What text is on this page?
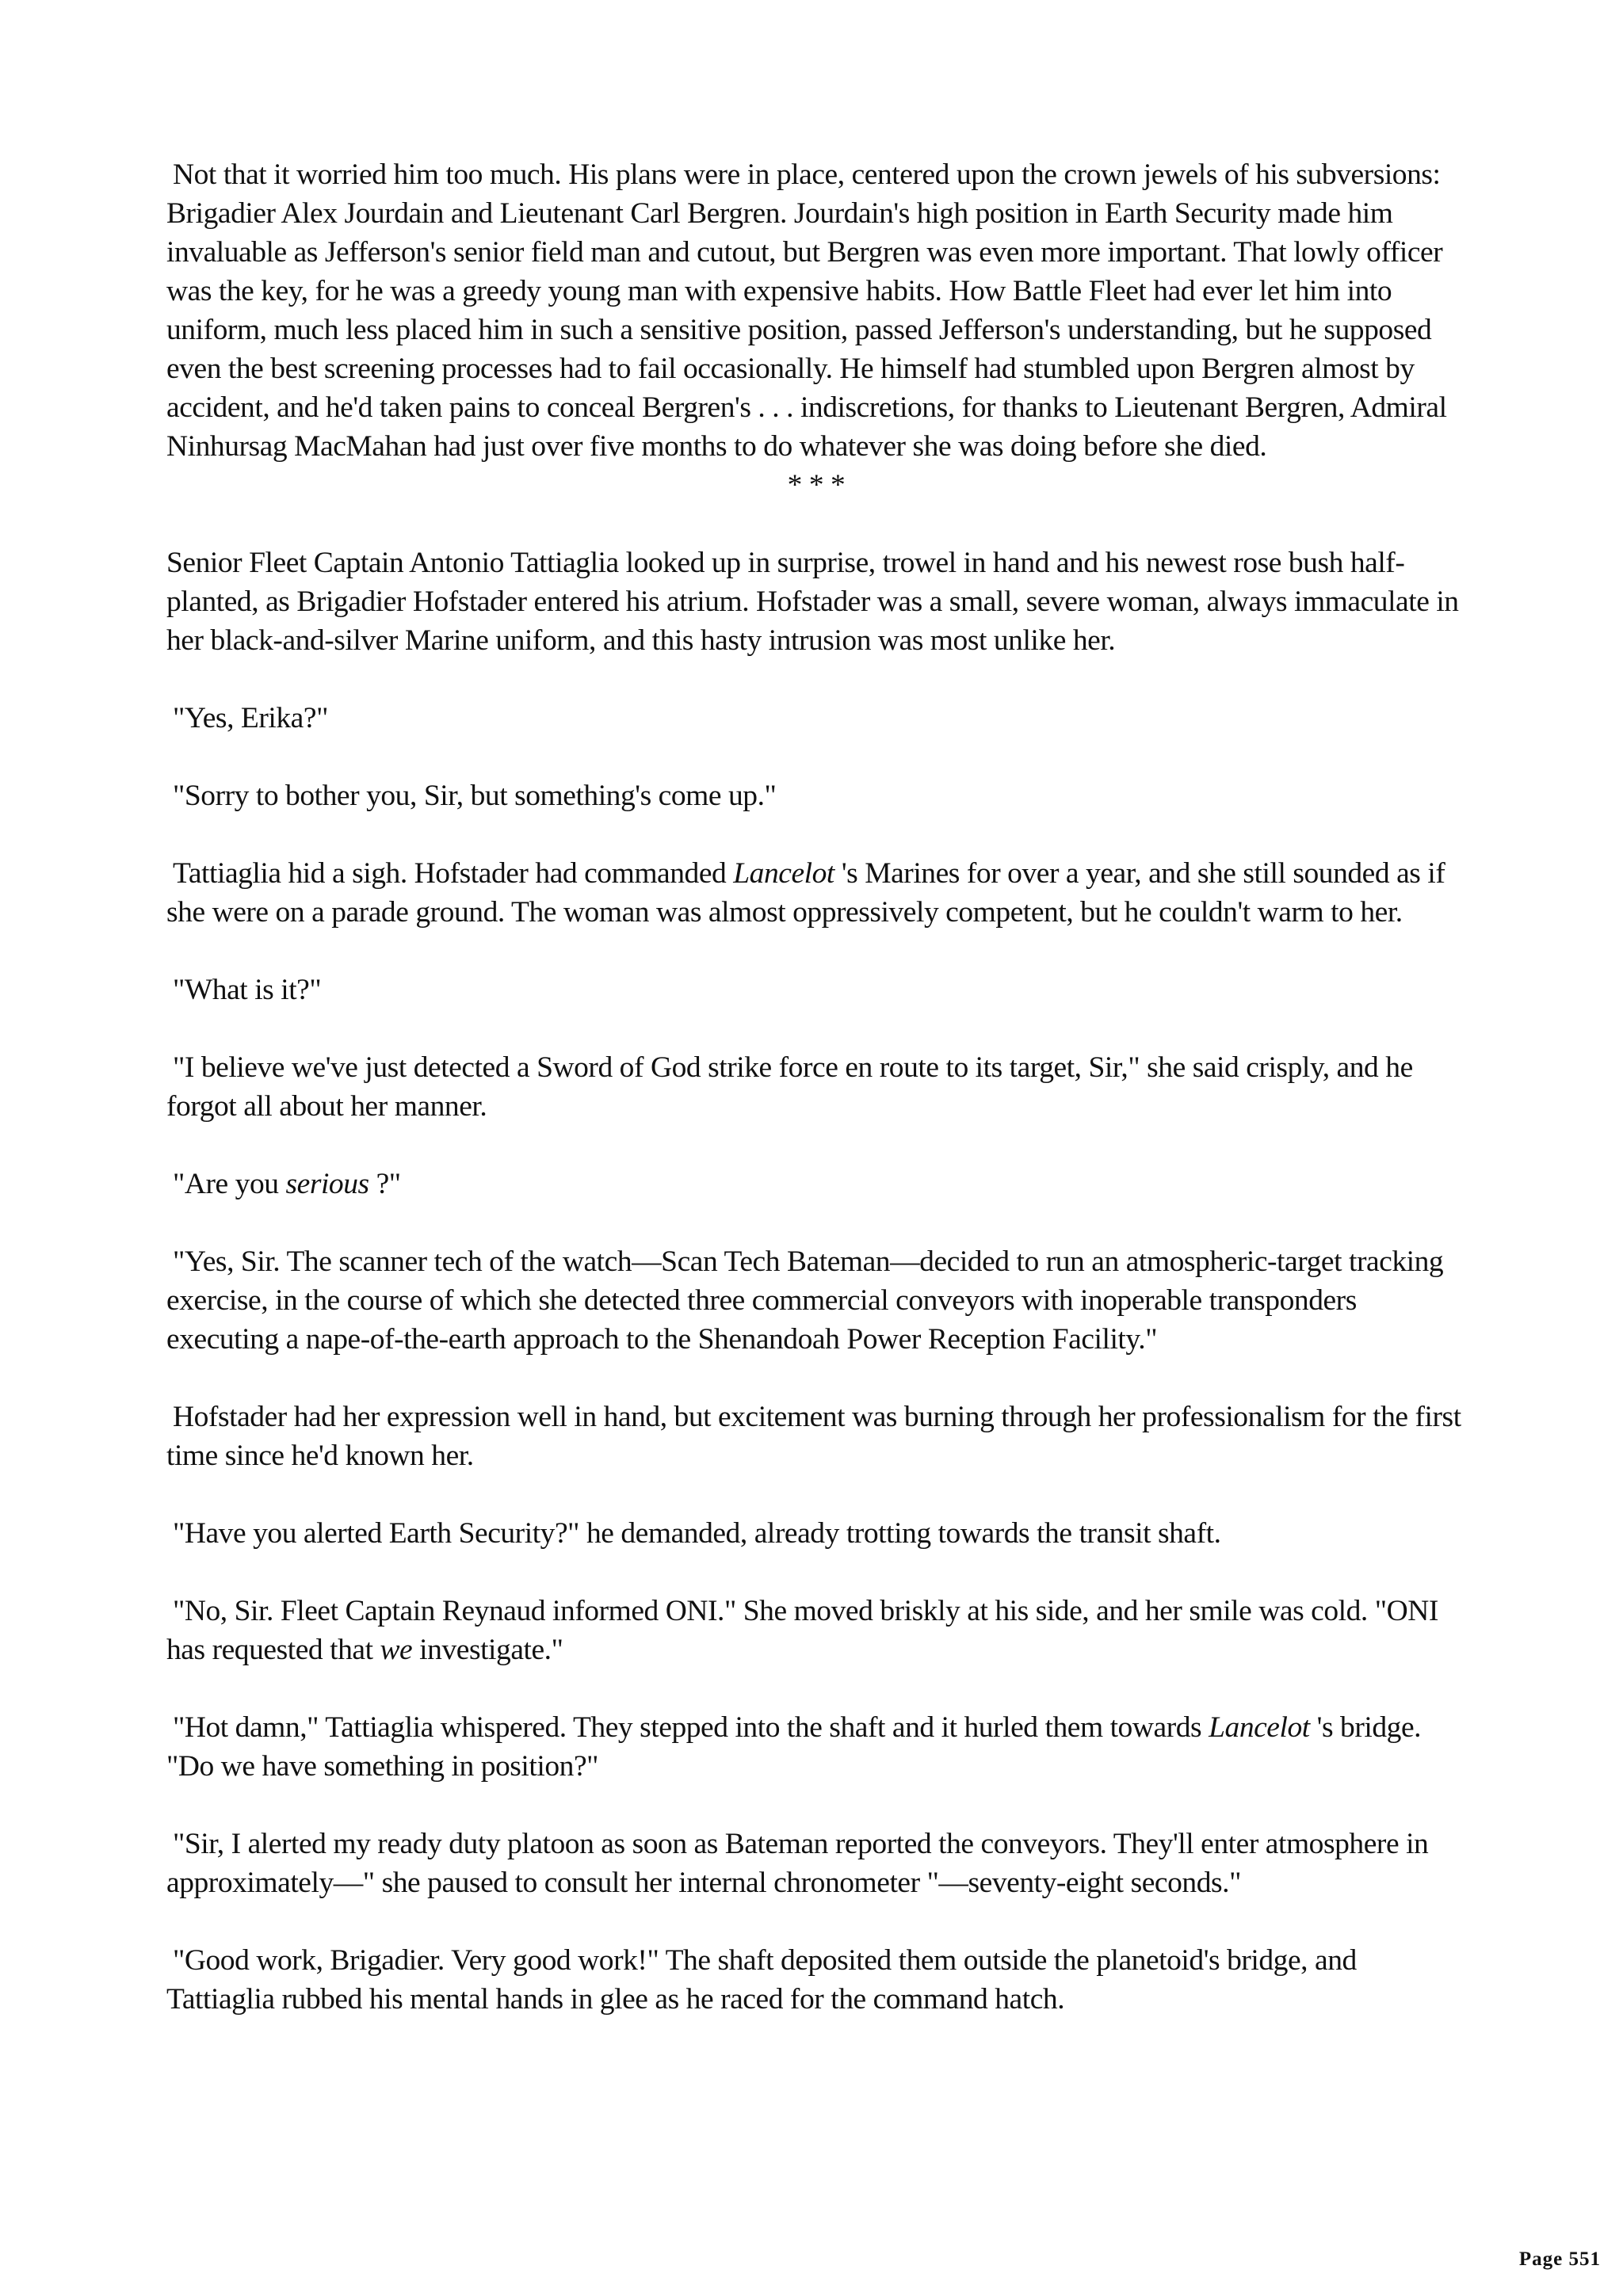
Not that it worried him too much. His plans were in place, centered upon the crown jewels of his subversions: Brigadier Alex Jourdain and Lieutenant Carl Bergren. Jourdain's high position in Earth Security made him invaluable as Jefferson's senior field man and cutout, but Bergren was even more important. That lowly officer was the key, for he was a greedy young man with expensive habits. How Battle Fleet had ever let him into uniform, much less placed him in such a sensitive position, passed Jefferson's understanding, but he supposed even the best screening processes had to fail occasionally. He himself had stumbled upon Bergren almost by accident, and he'd taken pains to conceal Bergren's . . . indiscretions, for thanks to Lieutenant Bergren, Admiral Ninhursag MacMahan had just over five months to do whatever she was doing before she died.

* * *

Senior Fleet Captain Antonio Tattiaglia looked up in surprise, trowel in hand and his newest rose bush half-planted, as Brigadier Hofstader entered his atrium. Hofstader was a small, severe woman, always immaculate in her black-and-silver Marine uniform, and this hasty intrusion was most unlike her.

"Yes, Erika?"

"Sorry to bother you, Sir, but something's come up."

Tattiaglia hid a sigh. Hofstader had commanded Lancelot 's Marines for over a year, and she still sounded as if she were on a parade ground. The woman was almost oppressively competent, but he couldn't warm to her.

"What is it?"

"I believe we've just detected a Sword of God strike force en route to its target, Sir," she said crisply, and he forgot all about her manner.

"Are you serious ?"

"Yes, Sir. The scanner tech of the watch—Scan Tech Bateman—decided to run an atmospheric-target tracking exercise, in the course of which she detected three commercial conveyors with inoperable transponders executing a nape-of-the-earth approach to the Shenandoah Power Reception Facility."

Hofstader had her expression well in hand, but excitement was burning through her professionalism for the first time since he'd known her.

"Have you alerted Earth Security?" he demanded, already trotting towards the transit shaft.

"No, Sir. Fleet Captain Reynaud informed ONI." She moved briskly at his side, and her smile was cold. "ONI has requested that we investigate."

"Hot damn," Tattiaglia whispered. They stepped into the shaft and it hurled them towards Lancelot 's bridge. "Do we have something in position?"

"Sir, I alerted my ready duty platoon as soon as Bateman reported the conveyors. They'll enter atmosphere in approximately—" she paused to consult her internal chronometer "—seventy-eight seconds."

"Good work, Brigadier. Very good work!" The shaft deposited them outside the planetoid's bridge, and Tattiaglia rubbed his mental hands in glee as he raced for the command hatch.

Page 551
